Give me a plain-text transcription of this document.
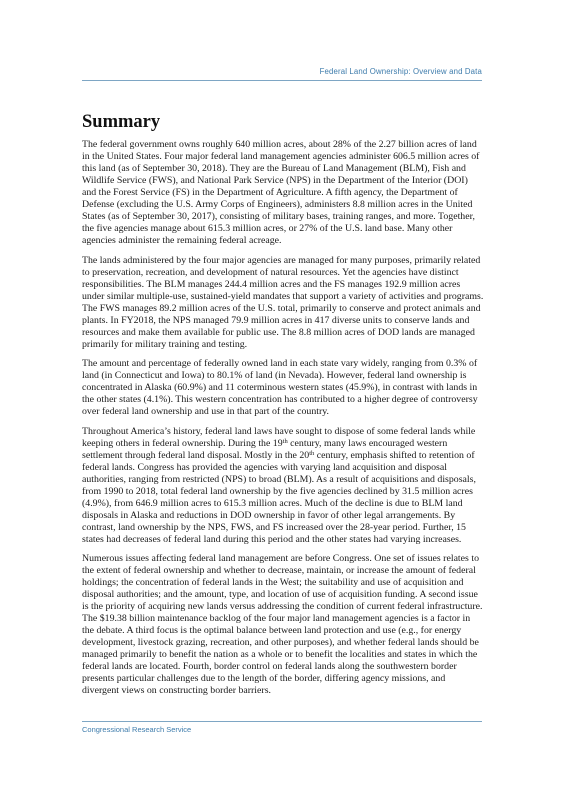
Federal Land Ownership: Overview and Data
Summary

The federal government owns roughly 640 million acres, about 28% of the 2.27 billion acres of land in the United States. Four major federal land management agencies administer 606.5 million acres of this land (as of September 30, 2018). They are the Bureau of Land Management (BLM), Fish and Wildlife Service (FWS), and National Park Service (NPS) in the Department of the Interior (DOI) and the Forest Service (FS) in the Department of Agriculture. A fifth agency, the Department of Defense (excluding the U.S. Army Corps of Engineers), administers 8.8 million acres in the United States (as of September 30, 2017), consisting of military bases, training ranges, and more. Together, the five agencies manage about 615.3 million acres, or 27% of the U.S. land base. Many other agencies administer the remaining federal acreage.

The lands administered by the four major agencies are managed for many purposes, primarily related to preservation, recreation, and development of natural resources. Yet the agencies have distinct responsibilities. The BLM manages 244.4 million acres and the FS manages 192.9 million acres under similar multiple-use, sustained-yield mandates that support a variety of activities and programs. The FWS manages 89.2 million acres of the U.S. total, primarily to conserve and protect animals and plants. In FY2018, the NPS managed 79.9 million acres in 417 diverse units to conserve lands and resources and make them available for public use. The 8.8 million acres of DOD lands are managed primarily for military training and testing.

The amount and percentage of federally owned land in each state vary widely, ranging from 0.3% of land (in Connecticut and Iowa) to 80.1% of land (in Nevada). However, federal land ownership is concentrated in Alaska (60.9%) and 11 coterminous western states (45.9%), in contrast with lands in the other states (4.1%). This western concentration has contributed to a higher degree of controversy over federal land ownership and use in that part of the country.

Throughout America’s history, federal land laws have sought to dispose of some federal lands while keeping others in federal ownership. During the 19th century, many laws encouraged western settlement through federal land disposal. Mostly in the 20th century, emphasis shifted to retention of federal lands. Congress has provided the agencies with varying land acquisition and disposal authorities, ranging from restricted (NPS) to broad (BLM). As a result of acquisitions and disposals, from 1990 to 2018, total federal land ownership by the five agencies declined by 31.5 million acres (4.9%), from 646.9 million acres to 615.3 million acres. Much of the decline is due to BLM land disposals in Alaska and reductions in DOD ownership in favor of other legal arrangements. By contrast, land ownership by the NPS, FWS, and FS increased over the 28-year period. Further, 15 states had decreases of federal land during this period and the other states had varying increases.

Numerous issues affecting federal land management are before Congress. One set of issues relates to the extent of federal ownership and whether to decrease, maintain, or increase the amount of federal holdings; the concentration of federal lands in the West; the suitability and use of acquisition and disposal authorities; and the amount, type, and location of use of acquisition funding. A second issue is the priority of acquiring new lands versus addressing the condition of current federal infrastructure. The $19.38 billion maintenance backlog of the four major land management agencies is a factor in the debate. A third focus is the optimal balance between land protection and use (e.g., for energy development, livestock grazing, recreation, and other purposes), and whether federal lands should be managed primarily to benefit the nation as a whole or to benefit the localities and states in which the federal lands are located. Fourth, border control on federal lands along the southwestern border presents particular challenges due to the length of the border, differing agency missions, and divergent views on constructing border barriers.

Congressional Research Service
